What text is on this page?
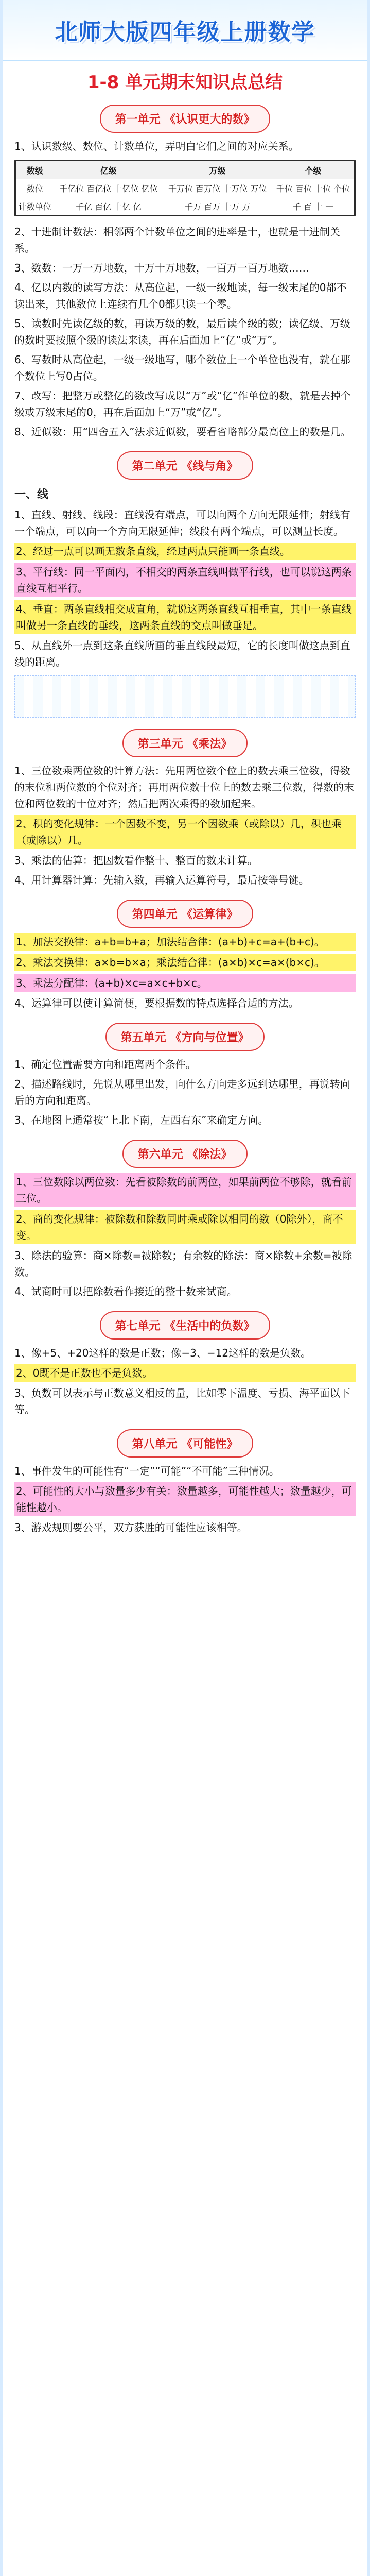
北师大版四年级上册数学
1-8 单元期末知识点总结
第一单元 《认识更大的数》
1、认识数级、数位、计数单位，弄明白它们之间的对应关系。
数级	亿级	万级	个级
数位	千亿位 百亿位 十亿位 亿位	千万位 百万位 十万位 万位	千位 百位 十位 个位
计数单位	千亿 百亿 十亿 亿	千万 百万 十万 万	千 百 十 一
2、十进制计数法：相邻两个计数单位之间的进率是十，也就是十进制关系。
3、数数：一万一万地数，十万十万地数，一百万一百万地数……
4、亿以内数的读写方法：从高位起，一级一级地读，每一级末尾的0都不读出来，其他数位上连续有几个0都只读一个零。
5、读数时先读亿级的数，再读万级的数，最后读个级的数；读亿级、万级的数时要按照个级的读法来读，再在后面加上“亿”或“万”。
6、写数时从高位起，一级一级地写，哪个数位上一个单位也没有，就在那个数位上写0占位。
7、改写：把整万或整亿的数改写成以“万”或“亿”作单位的数，就是去掉个级或万级末尾的0，再在后面加上“万”或“亿”。
8、近似数：用“四舍五入”法求近似数，要看省略部分最高位上的数是几。
第二单元 《线与角》
一、线
1、直线、射线、线段：直线没有端点，可以向两个方向无限延伸；射线有一个端点，可以向一个方向无限延伸；线段有两个端点，可以测量长度。
2、经过一点可以画无数条直线，经过两点只能画一条直线。
3、平行线：同一平面内，不相交的两条直线叫做平行线，也可以说这两条直线互相平行。
4、垂直：两条直线相交成直角，就说这两条直线互相垂直，其中一条直线叫做另一条直线的垂线，这两条直线的交点叫做垂足。
5、从直线外一点到这条直线所画的垂直线段最短，它的长度叫做这点到直线的距离。
第三单元 《乘法》
1、三位数乘两位数的计算方法：先用两位数个位上的数去乘三位数，得数的末位和两位数的个位对齐；再用两位数十位上的数去乘三位数，得数的末位和两位数的十位对齐；然后把两次乘得的数加起来。
2、积的变化规律：一个因数不变，另一个因数乘（或除以）几，积也乘（或除以）几。
3、乘法的估算：把因数看作整十、整百的数来计算。
4、用计算器计算：先输入数，再输入运算符号，最后按等号键。
第四单元 《运算律》
1、加法交换律：a+b=b+a；加法结合律：(a+b)+c=a+(b+c)。
2、乘法交换律：a×b=b×a；乘法结合律：(a×b)×c=a×(b×c)。
3、乘法分配律：(a+b)×c=a×c+b×c。
4、运算律可以使计算简便，要根据数的特点选择合适的方法。
第五单元 《方向与位置》
1、确定位置需要方向和距离两个条件。
2、描述路线时，先说从哪里出发，向什么方向走多远到达哪里，再说转向后的方向和距离。
3、在地图上通常按“上北下南，左西右东”来确定方向。
第六单元 《除法》
1、三位数除以两位数：先看被除数的前两位，如果前两位不够除，就看前三位。
2、商的变化规律：被除数和除数同时乘或除以相同的数（0除外），商不变。
3、除法的验算：商×除数=被除数；有余数的除法：商×除数+余数=被除数。
4、试商时可以把除数看作接近的整十数来试商。
第七单元 《生活中的负数》
1、像+5、+20这样的数是正数；像−3、−12这样的数是负数。
2、0既不是正数也不是负数。
3、负数可以表示与正数意义相反的量，比如零下温度、亏损、海平面以下等。
第八单元 《可能性》
1、事件发生的可能性有“一定”“可能”“不可能”三种情况。
2、可能性的大小与数量多少有关：数量越多，可能性越大；数量越少，可能性越小。
3、游戏规则要公平，双方获胜的可能性应该相等。
